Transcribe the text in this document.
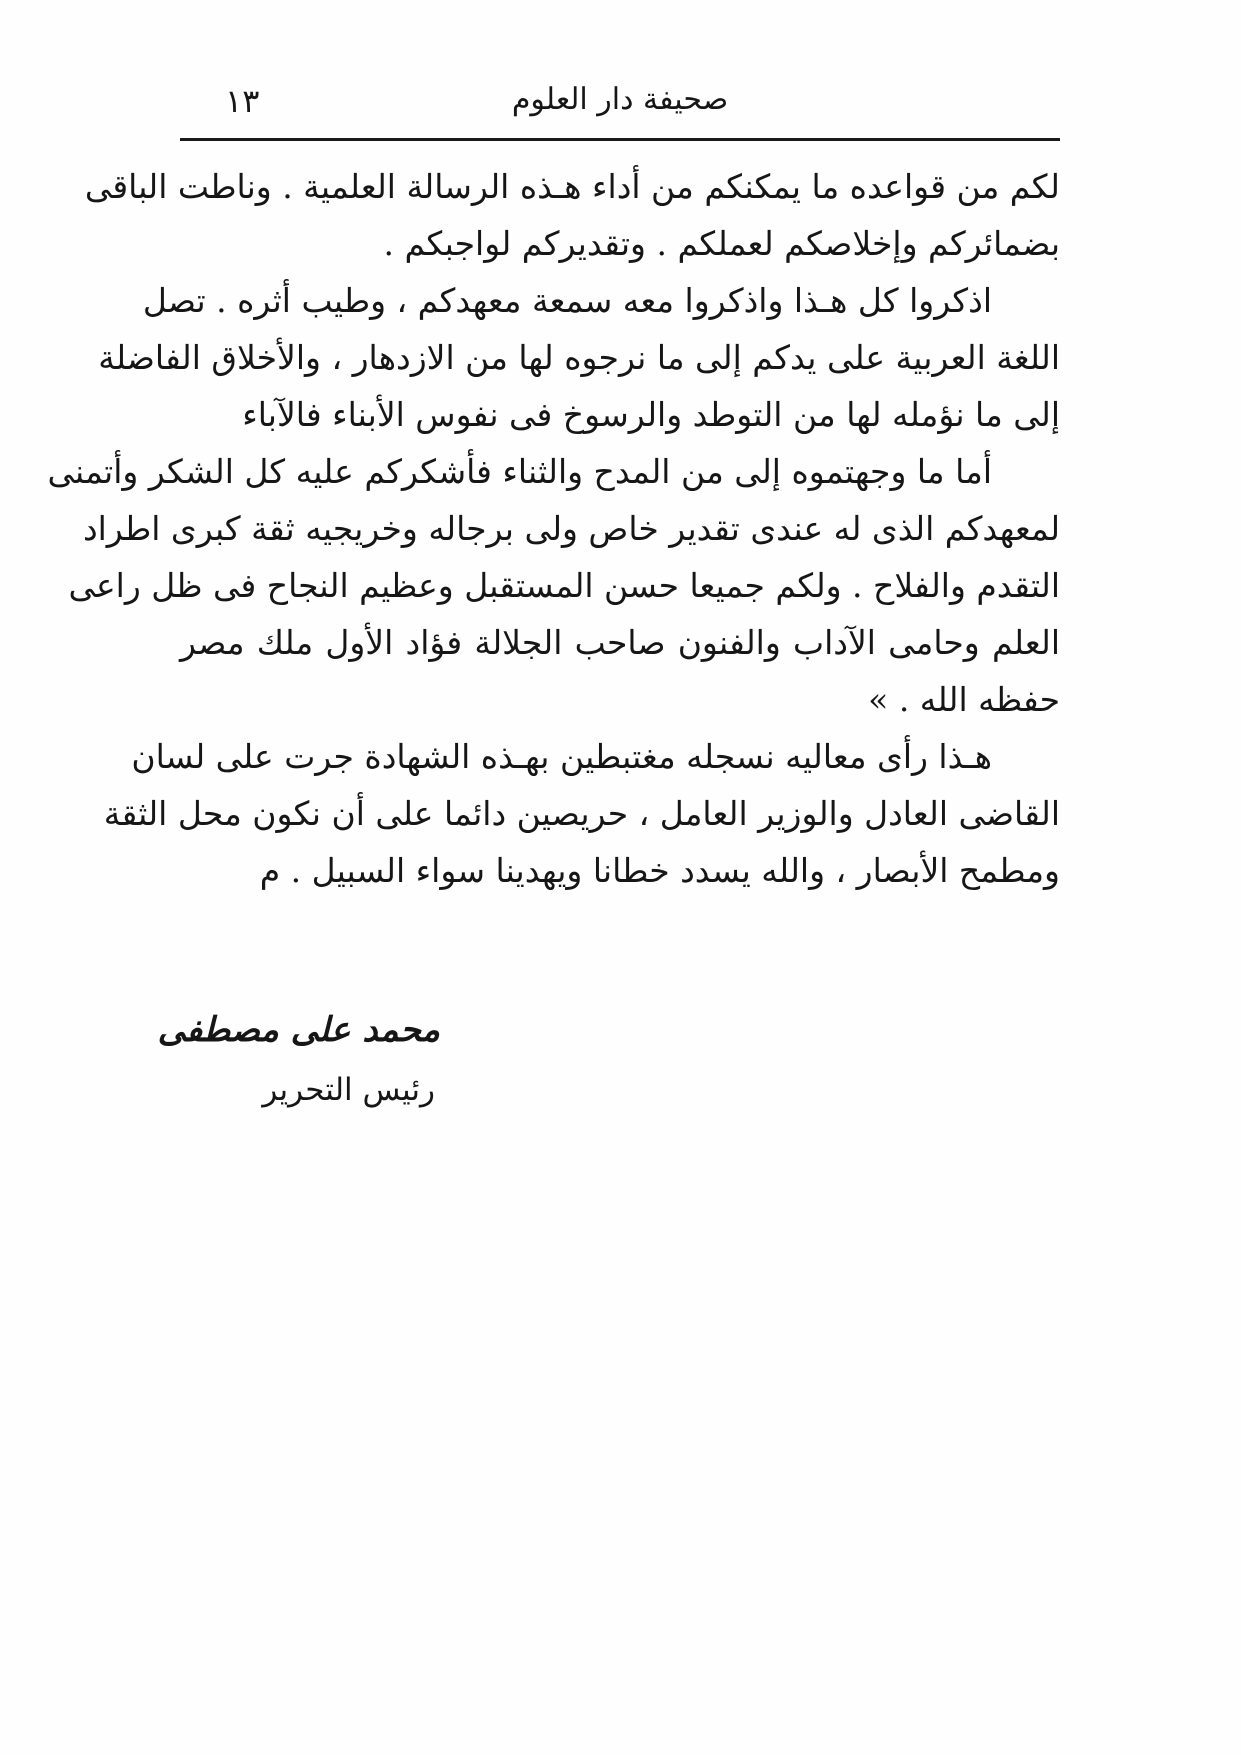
صحيفة دار العلوم
١٣
لكم من قواعده ما يمكنكم من أداء هـذه الرسالة العلمية . وناطت الباقى
بضمائركم وإخلاصكم لعملكم . وتقديركم لواجبكم .
اذكروا كل هـذا واذكروا معه سمعة معهدكم ، وطيب أثره . تصل
اللغة العربية على يدكم إلى ما نرجوه لها من الازدهار ، والأخلاق الفاضلة
إلى ما نؤمله لها من التوطد والرسوخ فى نفوس الأبناء فالآباء
أما ما وجهتموه إلى من المدح والثناء فأشكركم عليه كل الشكر وأتمنى
لمعهدكم الذى له عندى تقدير خاص ولى برجاله وخريجيه ثقة كبرى اطراد
التقدم والفلاح . ولكم جميعا حسن المستقبل وعظيم النجاح فى ظل راعى
العلم وحامى الآداب والفنون صاحب الجلالة فؤاد الأول ملك مصر
حفظه الله . »
هـذا رأى معاليه نسجله مغتبطين بهـذه الشهادة جرت على لسان
القاضى العادل والوزير العامل ، حريصين دائما على أن نكون محل الثقة
ومطمح الأبصار ، والله يسدد خطانا ويهدينا سواء السبيل . م
محمد على مصطفى
رئيس التحرير
